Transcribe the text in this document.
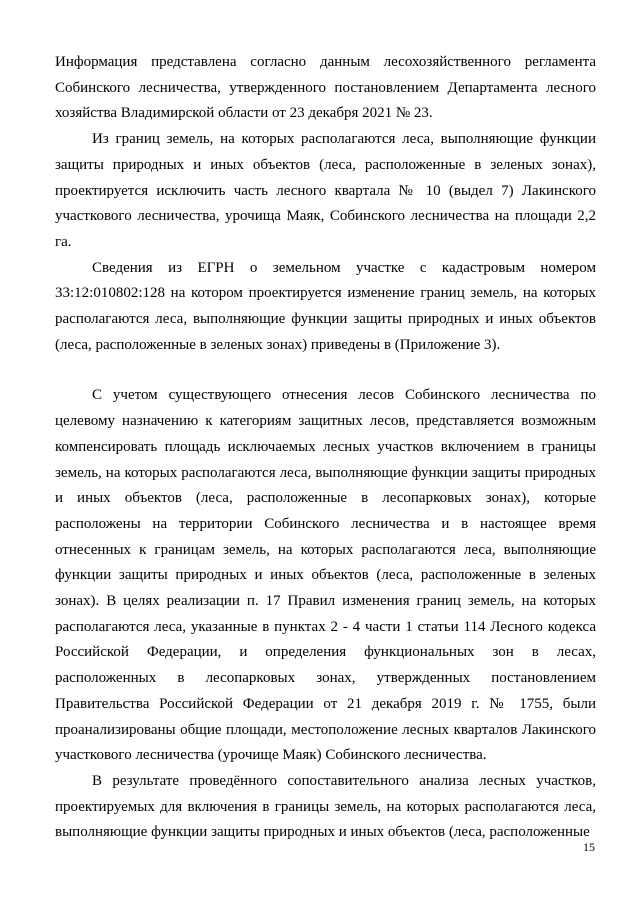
Информация представлена согласно данным лесохозяйственного регламента Собинского лесничества, утвержденного постановлением Департамента лесного хозяйства Владимирской области от 23 декабря 2021 № 23.

Из границ земель, на которых располагаются леса, выполняющие функции защиты природных и иных объектов (леса, расположенные в зеленых зонах), проектируется исключить часть лесного квартала № 10 (выдел 7) Лакинского участкового лесничества, урочища Маяк, Собинского лесничества на площади 2,2 га.

Сведения из ЕГРН о земельном участке с кадастровым номером 33:12:010802:128 на котором проектируется изменение границ земель, на которых располагаются леса, выполняющие функции защиты природных и иных объектов (леса, расположенные в зеленых зонах) приведены в (Приложение 3).

С учетом существующего отнесения лесов Собинского лесничества по целевому назначению к категориям защитных лесов, представляется возможным компенсировать площадь исключаемых лесных участков включением в границы земель, на которых располагаются леса, выполняющие функции защиты природных и иных объектов (леса, расположенные в лесопарковых зонах), которые расположены на территории Собинского лесничества и в настоящее время отнесенных к границам земель, на которых располагаются леса, выполняющие функции защиты природных и иных объектов (леса, расположенные в зеленых зонах). В целях реализации п. 17 Правил изменения границ земель, на которых располагаются леса, указанные в пунктах 2 - 4 части 1 статьи 114 Лесного кодекса Российской Федерации, и определения функциональных зон в лесах, расположенных в лесопарковых зонах, утвержденных постановлением Правительства Российской Федерации от 21 декабря 2019 г. № 1755, были проанализированы общие площади, местоположение лесных кварталов Лакинского участкового лесничества (урочище Маяк) Собинского лесничества.

В результате проведённого сопоставительного анализа лесных участков, проектируемых для включения в границы земель, на которых располагаются леса, выполняющие функции защиты природных и иных объектов (леса, расположенные

15
